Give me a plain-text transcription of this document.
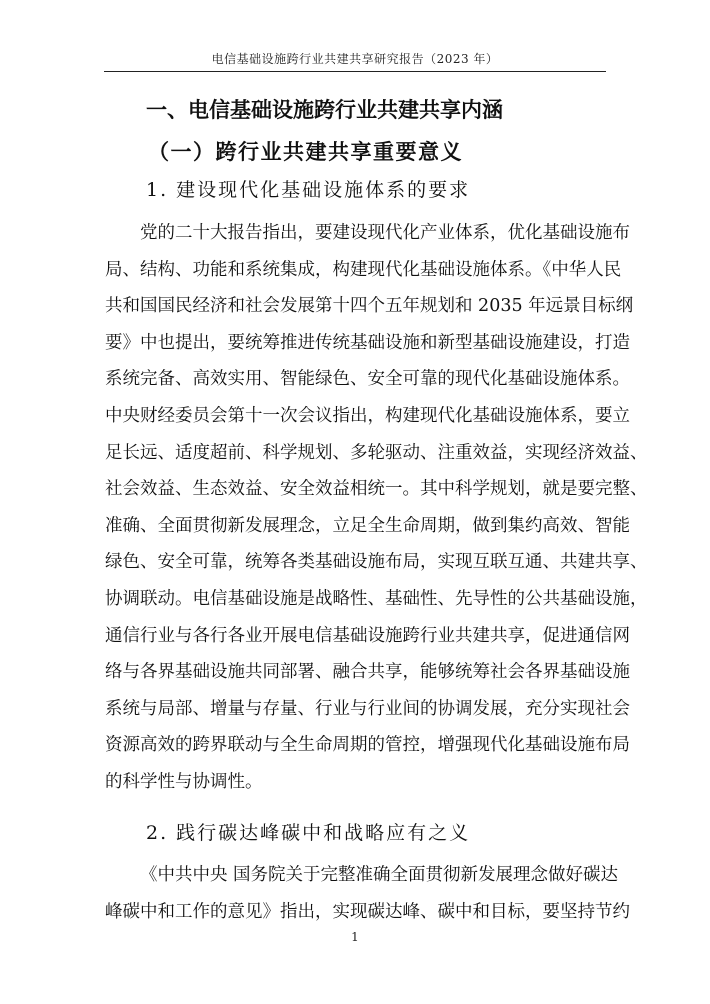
电信基础设施跨行业共建共享研究报告（2023 年）
一、电信基础设施跨行业共建共享内涵
（一）跨行业共建共享重要意义
1. 建设现代化基础设施体系的要求
党的二十大报告指出，要建设现代化产业体系，优化基础设施布
局、结构、功能和系统集成，构建现代化基础设施体系。《中华人民
共和国国民经济和社会发展第十四个五年规划和 2035 年远景目标纲
要》中也提出，要统筹推进传统基础设施和新型基础设施建设，打造
系统完备、高效实用、智能绿色、安全可靠的现代化基础设施体系。
中央财经委员会第十一次会议指出，构建现代化基础设施体系，要立
足长远、适度超前、科学规划、多轮驱动、注重效益，实现经济效益、
社会效益、生态效益、安全效益相统一。其中科学规划，就是要完整、
准确、全面贯彻新发展理念，立足全生命周期，做到集约高效、智能
绿色、安全可靠，统筹各类基础设施布局，实现互联互通、共建共享、
协调联动。电信基础设施是战略性、基础性、先导性的公共基础设施，
通信行业与各行各业开展电信基础设施跨行业共建共享，促进通信网
络与各界基础设施共同部署、融合共享，能够统筹社会各界基础设施
系统与局部、增量与存量、行业与行业间的协调发展，充分实现社会
资源高效的跨界联动与全生命周期的管控，增强现代化基础设施布局
的科学性与协调性。
2. 践行碳达峰碳中和战略应有之义
《中共中央 国务院关于完整准确全面贯彻新发展理念做好碳达
峰碳中和工作的意见》指出，实现碳达峰、碳中和目标，要坚持节约
1
